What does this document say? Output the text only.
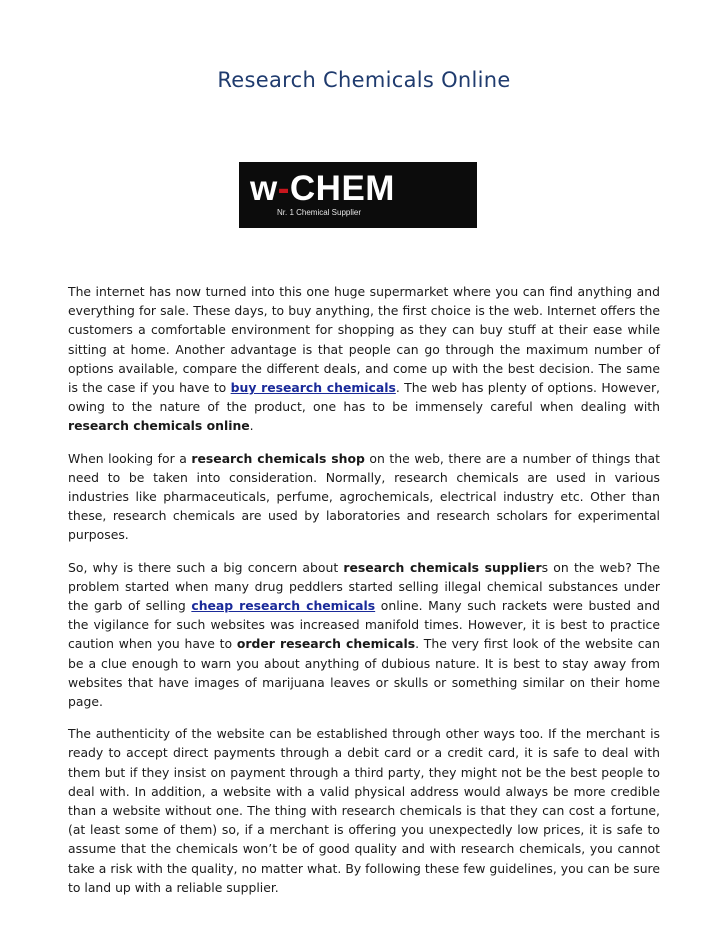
Research Chemicals Online
w-CHEM
Nr. 1 Chemical Supplier

The internet has now turned into this one huge supermarket where you can find anything and everything for sale. These days, to buy anything, the first choice is the web. Internet offers the customers a comfortable environment for shopping as they can buy stuff at their ease while sitting at home. Another advantage is that people can go through the maximum number of options available, compare the different deals, and come up with the best decision. The same is the case if you have to buy research chemicals. The web has plenty of options. However, owing to the nature of the product, one has to be immensely careful when dealing with research chemicals online.

When looking for a research chemicals shop on the web, there are a number of things that need to be taken into consideration. Normally, research chemicals are used in various industries like pharmaceuticals, perfume, agrochemicals, electrical industry etc. Other than these, research chemicals are used by laboratories and research scholars for experimental purposes.

So, why is there such a big concern about research chemicals suppliers on the web? The problem started when many drug peddlers started selling illegal chemical substances under the garb of selling cheap research chemicals online. Many such rackets were busted and the vigilance for such websites was increased manifold times. However, it is best to practice caution when you have to order research chemicals. The very first look of the website can be a clue enough to warn you about anything of dubious nature. It is best to stay away from websites that have images of marijuana leaves or skulls or something similar on their home page.

The authenticity of the website can be established through other ways too. If the merchant is ready to accept direct payments through a debit card or a credit card, it is safe to deal with them but if they insist on payment through a third party, they might not be the best people to deal with. In addition, a website with a valid physical address would always be more credible than a website without one. The thing with research chemicals is that they can cost a fortune, (at least some of them) so, if a merchant is offering you unexpectedly low prices, it is safe to assume that the chemicals won’t be of good quality and with research chemicals, you cannot take a risk with the quality, no matter what. By following these few guidelines, you can be sure to land up with a reliable supplier.
